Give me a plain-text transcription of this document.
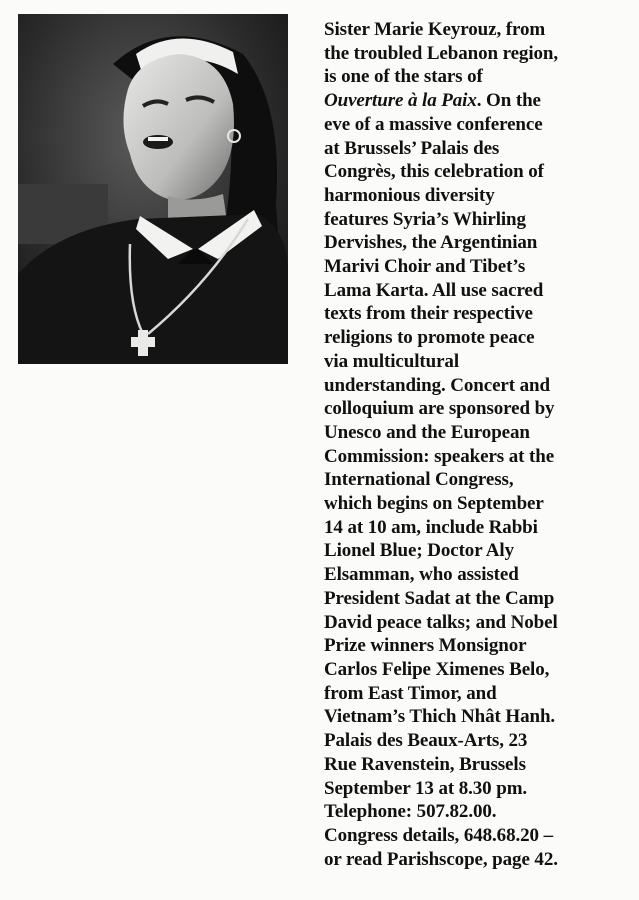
Sister Marie Keyrouz, from
the troubled Lebanon region,
is one of the stars of
Ouverture à la Paix. On the
eve of a massive conference
at Brussels’ Palais des
Congrès, this celebration of
harmonious diversity
features Syria’s Whirling
Dervishes, the Argentinian
Marivi Choir and Tibet’s
Lama Karta. All use sacred
texts from their respective
religions to promote peace
via multicultural
understanding. Concert and
colloquium are sponsored by
Unesco and the European
Commission: speakers at the
International Congress,
which begins on September
14 at 10 am, include Rabbi
Lionel Blue; Doctor Aly
Elsamman, who assisted
President Sadat at the Camp
David peace talks; and Nobel
Prize winners Monsignor
Carlos Felipe Ximenes Belo,
from East Timor, and
Vietnam’s Thich Nhât Hanh.
Palais des Beaux-Arts, 23
Rue Ravenstein, Brussels
September 13 at 8.30 pm.
Telephone: 507.82.00.
Congress details, 648.68.20 –
or read Parishscope, page 42.
